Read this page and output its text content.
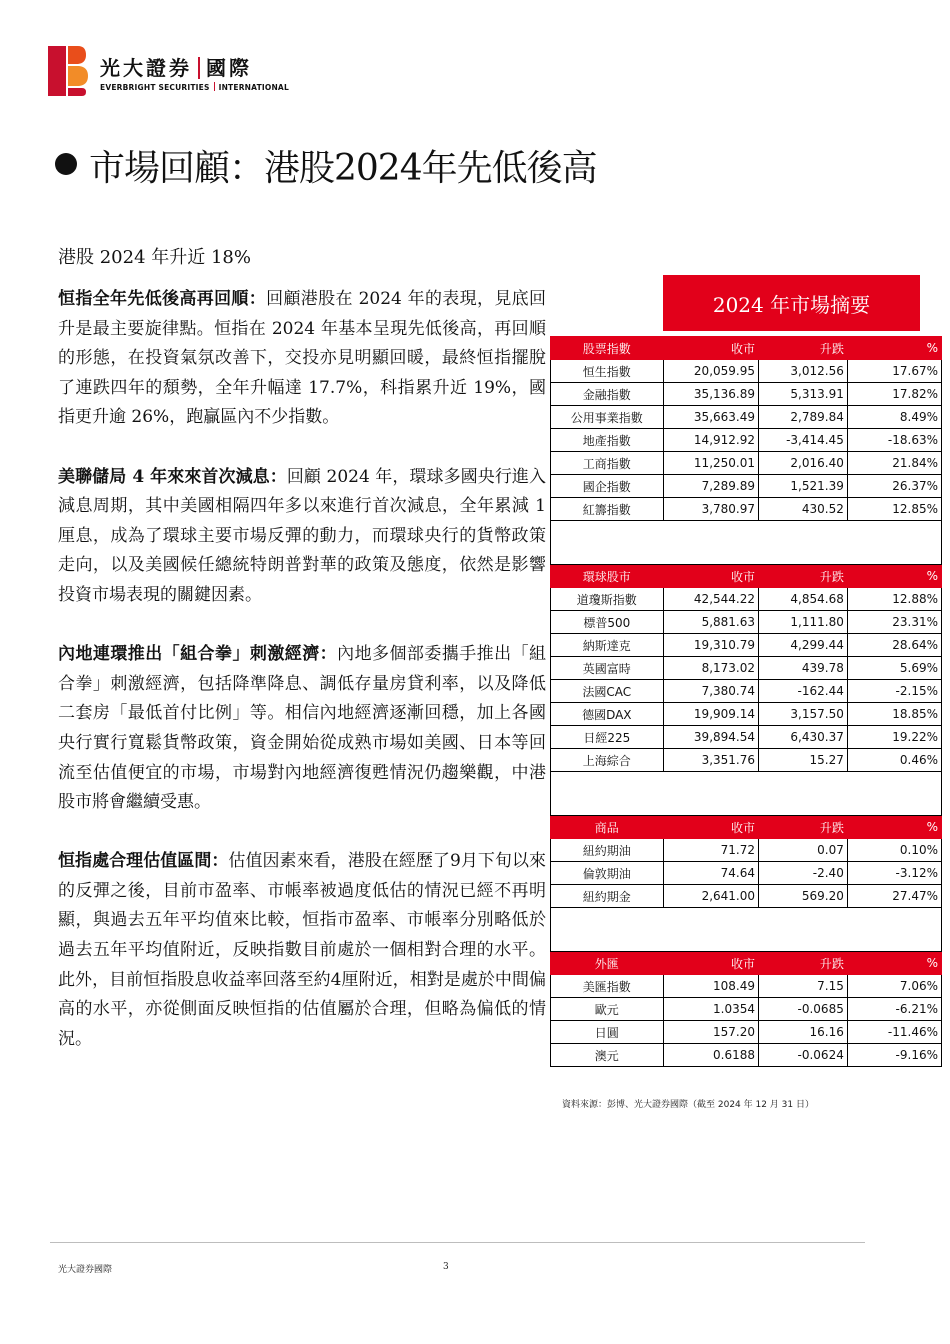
光大證券 國際
EVERBRIGHT SECURITIES INTERNATIONAL
市場回顧：港股2024年先低後高
港股 2024 年升近 18%

恒指全年先低後高再回順：回顧港股在 2024 年的表現，見底回升是最主要旋律點。恒指在 2024 年基本呈現先低後高，再回順的形態，在投資氣氛改善下，交投亦見明顯回暖，最終恒指擺脫了連跌四年的頹勢，全年升幅達 17.7%，科指累升近 19%，國指更升逾 26%，跑贏區內不少指數。

美聯儲局 4 年來來首次減息：回顧 2024 年，環球多國央行進入減息周期，其中美國相隔四年多以來進行首次減息，全年累減 1 厘息，成為了環球主要市場反彈的動力，而環球央行的貨幣政策走向，以及美國候任總統特朗普對華的政策及態度，依然是影響投資市場表現的關鍵因素。

內地連環推出「組合拳」刺激經濟：內地多個部委攜手推出「組合拳」刺激經濟，包括降準降息、調低存量房貸利率，以及降低二套房「最低首付比例」等。相信內地經濟逐漸回穩，加上各國央行實行寬鬆貨幣政策，資金開始從成熟市場如美國、日本等回流至估值便宜的市場，市場對內地經濟復甦情況仍趨樂觀，中港股市將會繼續受惠。

恒指處合理估值區間：估值因素來看，港股在經歷了9月下旬以來的反彈之後，目前市盈率、市帳率被過度低估的情況已經不再明顯，與過去五年平均值來比較，恒指市盈率、市帳率分別略低於過去五年平均值附近，反映指數目前處於一個相對合理的水平。此外，目前恒指股息收益率回落至約4厘附近，相對是處於中間偏高的水平，亦從側面反映恒指的估值屬於合理，但略為偏低的情況。

2024 年市場摘要
股票指數	收市	升跌	%
恒生指數	20,059.95	3,012.56	17.67%
金融指數	35,136.89	5,313.91	17.82%
公用事業指數	35,663.49	2,789.84	8.49%
地產指數	14,912.92	-3,414.45	-18.63%
工商指數	11,250.01	2,016.40	21.84%
國企指數	7,289.89	1,521.39	26.37%
紅籌指數	3,780.97	430.52	12.85%

環球股市	收市	升跌	%
道瓊斯指數	42,544.22	4,854.68	12.88%
標普500	5,881.63	1,111.80	23.31%
納斯達克	19,310.79	4,299.44	28.64%
英國富時	8,173.02	439.78	5.69%
法國CAC	7,380.74	-162.44	-2.15%
德國DAX	19,909.14	3,157.50	18.85%
日經225	39,894.54	6,430.37	19.22%
上海綜合	3,351.76	15.27	0.46%

商品	收市	升跌	%
紐約期油	71.72	0.07	0.10%
倫敦期油	74.64	-2.40	-3.12%
紐約期金	2,641.00	569.20	27.47%

外匯	收市	升跌	%
美匯指數	108.49	7.15	7.06%
歐元	1.0354	-0.0685	-6.21%
日圓	157.20	16.16	-11.46%
澳元	0.6188	-0.0624	-9.16%
資料來源：彭博、光大證券國際（截至 2024 年 12 月 31 日）
光大證券國際	3
